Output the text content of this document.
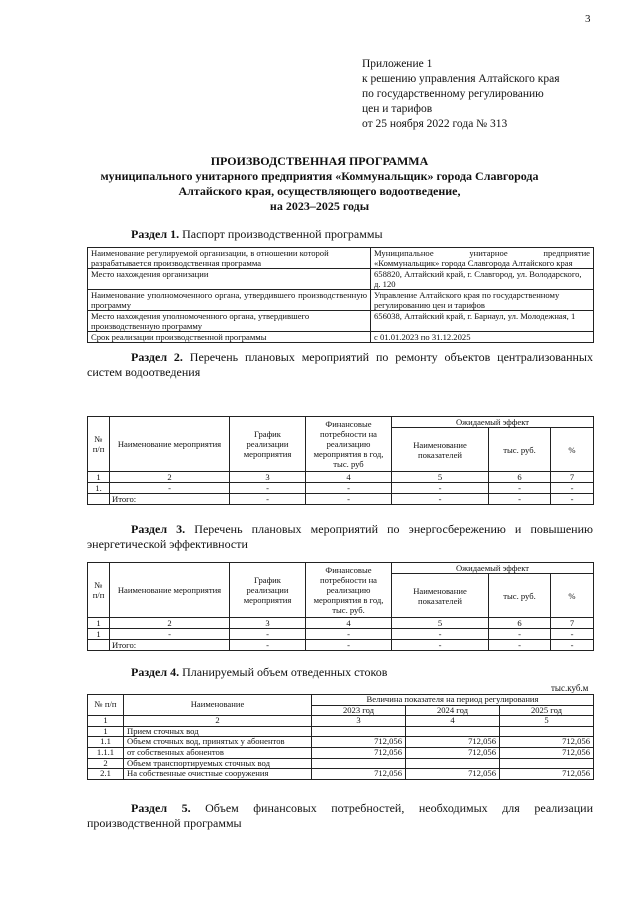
3
Приложение 1
к решению управления Алтайского края
по государственному регулированию
цен и тарифов
от 25 ноября 2022 года № 313
ПРОИЗВОДСТВЕННАЯ ПРОГРАММА
муниципального унитарного предприятия «Коммунальщик» города Славгорода
Алтайского края, осуществляющего водоотведение,
на 2023–2025 годы
Раздел 1. Паспорт производственной программы
Наименование регулируемой организации, в отношении которой разрабатывается производственная программа	Муниципальное унитарное предприятие «Коммунальщик» города Славгорода Алтайского края
Место нахождения организации	658820, Алтайский край, г. Славгород, ул. Володарского, д. 120
Наименование уполномоченного органа, утвердившего производственную программу	Управление Алтайского края по государственному регулированию цен и тарифов
Место нахождения уполномоченного органа, утвердившего производственную программу	656038, Алтайский край, г. Барнаул, ул. Молодежная, 1
Срок реализации производственной программы	с 01.01.2023 по 31.12.2025
Раздел 2. Перечень плановых мероприятий по ремонту объектов централизованных систем водоотведения
№ п/п	Наименование мероприятия	График реализации мероприятия	Финансовые потребности на реализацию мероприятия в год, тыс. руб	Ожидаемый эффект		
				Наименование показателей	тыс. руб.	%
1	2	3	4	5	6	7
1.	-	-	-	-	-	-
	Итого:	-	-	-	-	-
Раздел 3. Перечень плановых мероприятий по энергосбережению и повышению энергетической эффективности
№ п/п	Наименование мероприятия	График реализации мероприятия	Финансовые потребности на реализацию мероприятия в год, тыс. руб.	Ожидаемый эффект		
				Наименование показателей	тыс. руб.	%
1	2	3	4	5	6	7
1	-	-	-	-	-	-
	Итого:	-	-	-	-	-
Раздел 4. Планируемый объем отведенных стоков
тыс.куб.м
№ п/п	Наименование	Величина показателя на период регулирования		
		2023 год	2024 год	2025 год
1	2	3	4	5
1	Прием сточных вод			
1.1	Объем сточных вод, принятых у абонентов	712,056	712,056	712,056
1.1.1	от собственных абонентов	712,056	712,056	712,056
2	Объем транспортируемых сточных вод			
2.1	На собственные очистные сооружения	712,056	712,056	712,056
Раздел 5. Объем финансовых потребностей, необходимых для реализации производственной программы
